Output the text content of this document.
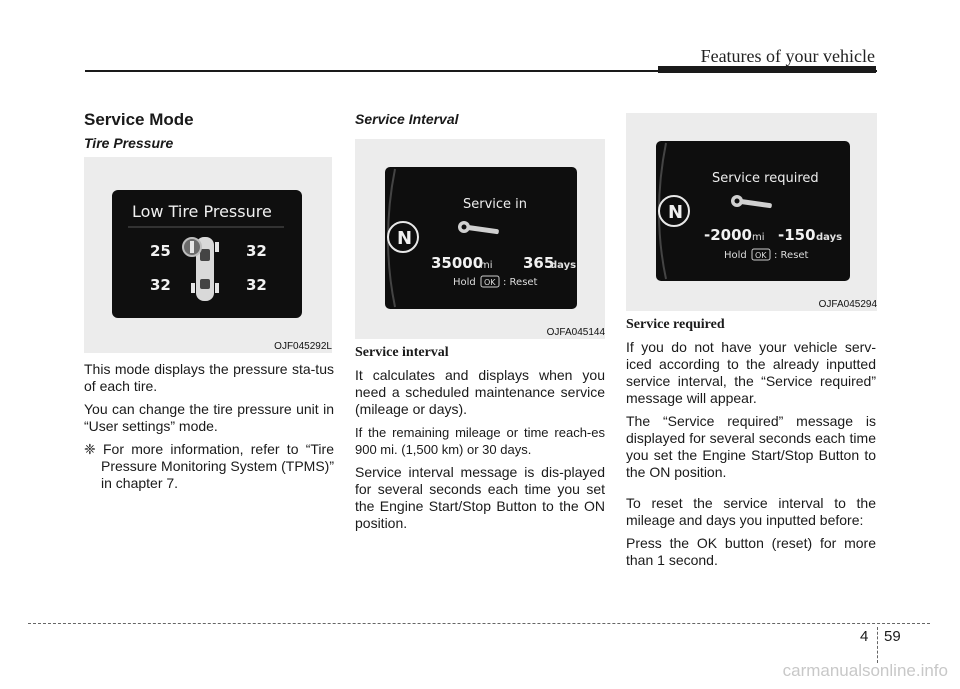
Features of your vehicle
Service Mode
Tire Pressure
Low Tire Pressure
25	32
32	32
OJF045292L

This mode displays the pressure sta-tus of each tire.

You can change the tire pressure unit in “User settings” mode.

❈ For more information, refer to “Tire Pressure Monitoring System (TPMS)” in chapter 7.

Service Interval
N
Service in
35000
mi 365
days
Hold OK : Reset
OJFA045144

Service interval

It calculates and displays when you need a scheduled maintenance service (mileage or days).

If the remaining mileage or time reach-es 900 mi. (1,500 km) or 30 days.

Service interval message is dis-played for several seconds each time you set the Engine Start/Stop Button to the ON position.

N
Service required
-2000 mi -150 days
Hold OK : Reset
OJFA045294

Service required

If you do not have your vehicle serv-iced according to the already inputted service interval, the “Service required” message will appear.

The “Service required” message is displayed for several seconds each time you set the Engine Start/Stop Button to the ON position.

To reset the service interval to the mileage and days you inputted before:

Press the OK button (reset) for more than 1 second.

4 59
carmanualsonline.info
